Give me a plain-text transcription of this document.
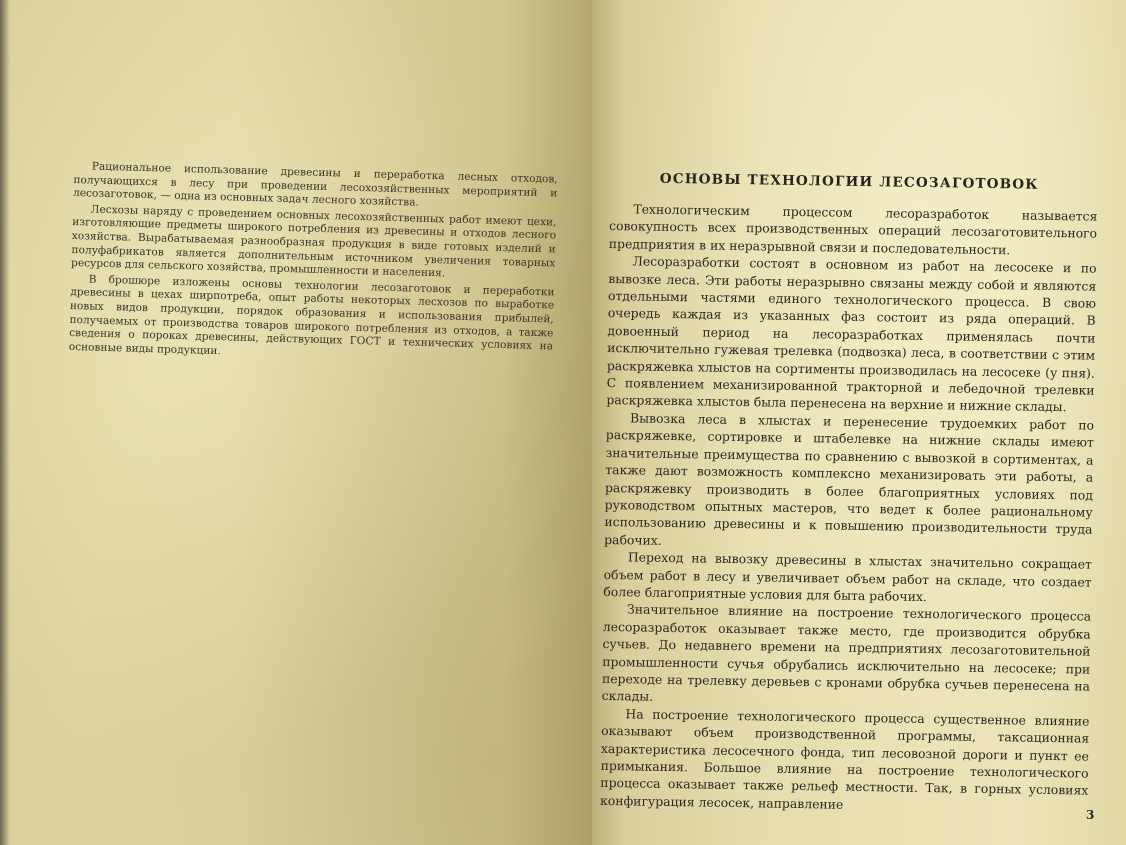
Рациональное использование древесины и переработка лесных отходов, получающихся в лесу при проведении лесохозяйственных мероприятий и лесозаготовок, — одна из основных задач лесного хозяйства.

Лесхозы наряду с проведением основных лесохозяйственных работ имеют цехи, изготовляющие предметы широкого потребления из древесины и отходов лесного хозяйства. Вырабатываемая разнообразная продукция в виде готовых изделий и полуфабрикатов является дополнительным источником увеличения товарных ресурсов для сельского хозяйства, промышленности и населения.

В брошюре изложены основы технологии лесозаготовок и переработки древесины в цехах ширпотреба, опыт работы некоторых лесхозов по выработке новых видов продукции, порядок образования и использования прибылей, получаемых от производства товаров широкого потребления из отходов, а также сведения о пороках древесины, действующих ГОСТ и технических условиях на основные виды продукции.

ОСНОВЫ ТЕХНОЛОГИИ ЛЕСОЗАГОТОВОК

Технологическим процессом лесоразработок называется совокупность всех производственных операций лесозаготовительного предприятия в их неразрывной связи и последовательности.

Лесоразработки состоят в основном из работ на лесосеке и по вывозке леса. Эти работы неразрывно связаны между собой и являются отдельными частями единого технологического процесса. В свою очередь каждая из указанных фаз состоит из ряда операций. В довоенный период на лесоразработках применялась почти исключительно гужевая трелевка (подвозка) леса, в соответствии с этим раскряжевка хлыстов на сортименты производилась на лесосеке (у пня). С появлением механизированной тракторной и лебедочной трелевки раскряжевка хлыстов была перенесена на верхние и нижние склады.

Вывозка леса в хлыстах и перенесение трудоемких работ по раскряжевке, сортировке и штабелевке на нижние склады имеют значительные преимущества по сравнению с вывозкой в сортиментах, а также дают возможность комплексно механизировать эти работы, а раскряжевку производить в более благоприятных условиях под руководством опытных мастеров, что ведет к более рациональному использованию древесины и к повышению производительности труда рабочих.

Переход на вывозку древесины в хлыстах значительно сокращает объем работ в лесу и увеличивает объем работ на складе, что создает более благоприятные условия для быта рабочих.

Значительное влияние на построение технологического процесса лесоразработок оказывает также место, где производится обрубка сучьев. До недавнего времени на предприятиях лесозаготовительной промышленности сучья обрубались исключительно на лесосеке; при переходе на трелевку деревьев с кронами обрубка сучьев перенесена на склады.

На построение технологического процесса существенное влияние оказывают объем производственной программы, таксационная характеристика лесосечного фонда, тип лесовозной дороги и пункт ее примыкания. Большое влияние на построение технологического процесса оказывает также рельеф местности. Так, в горных условиях конфигурация лесосек, направление

3
